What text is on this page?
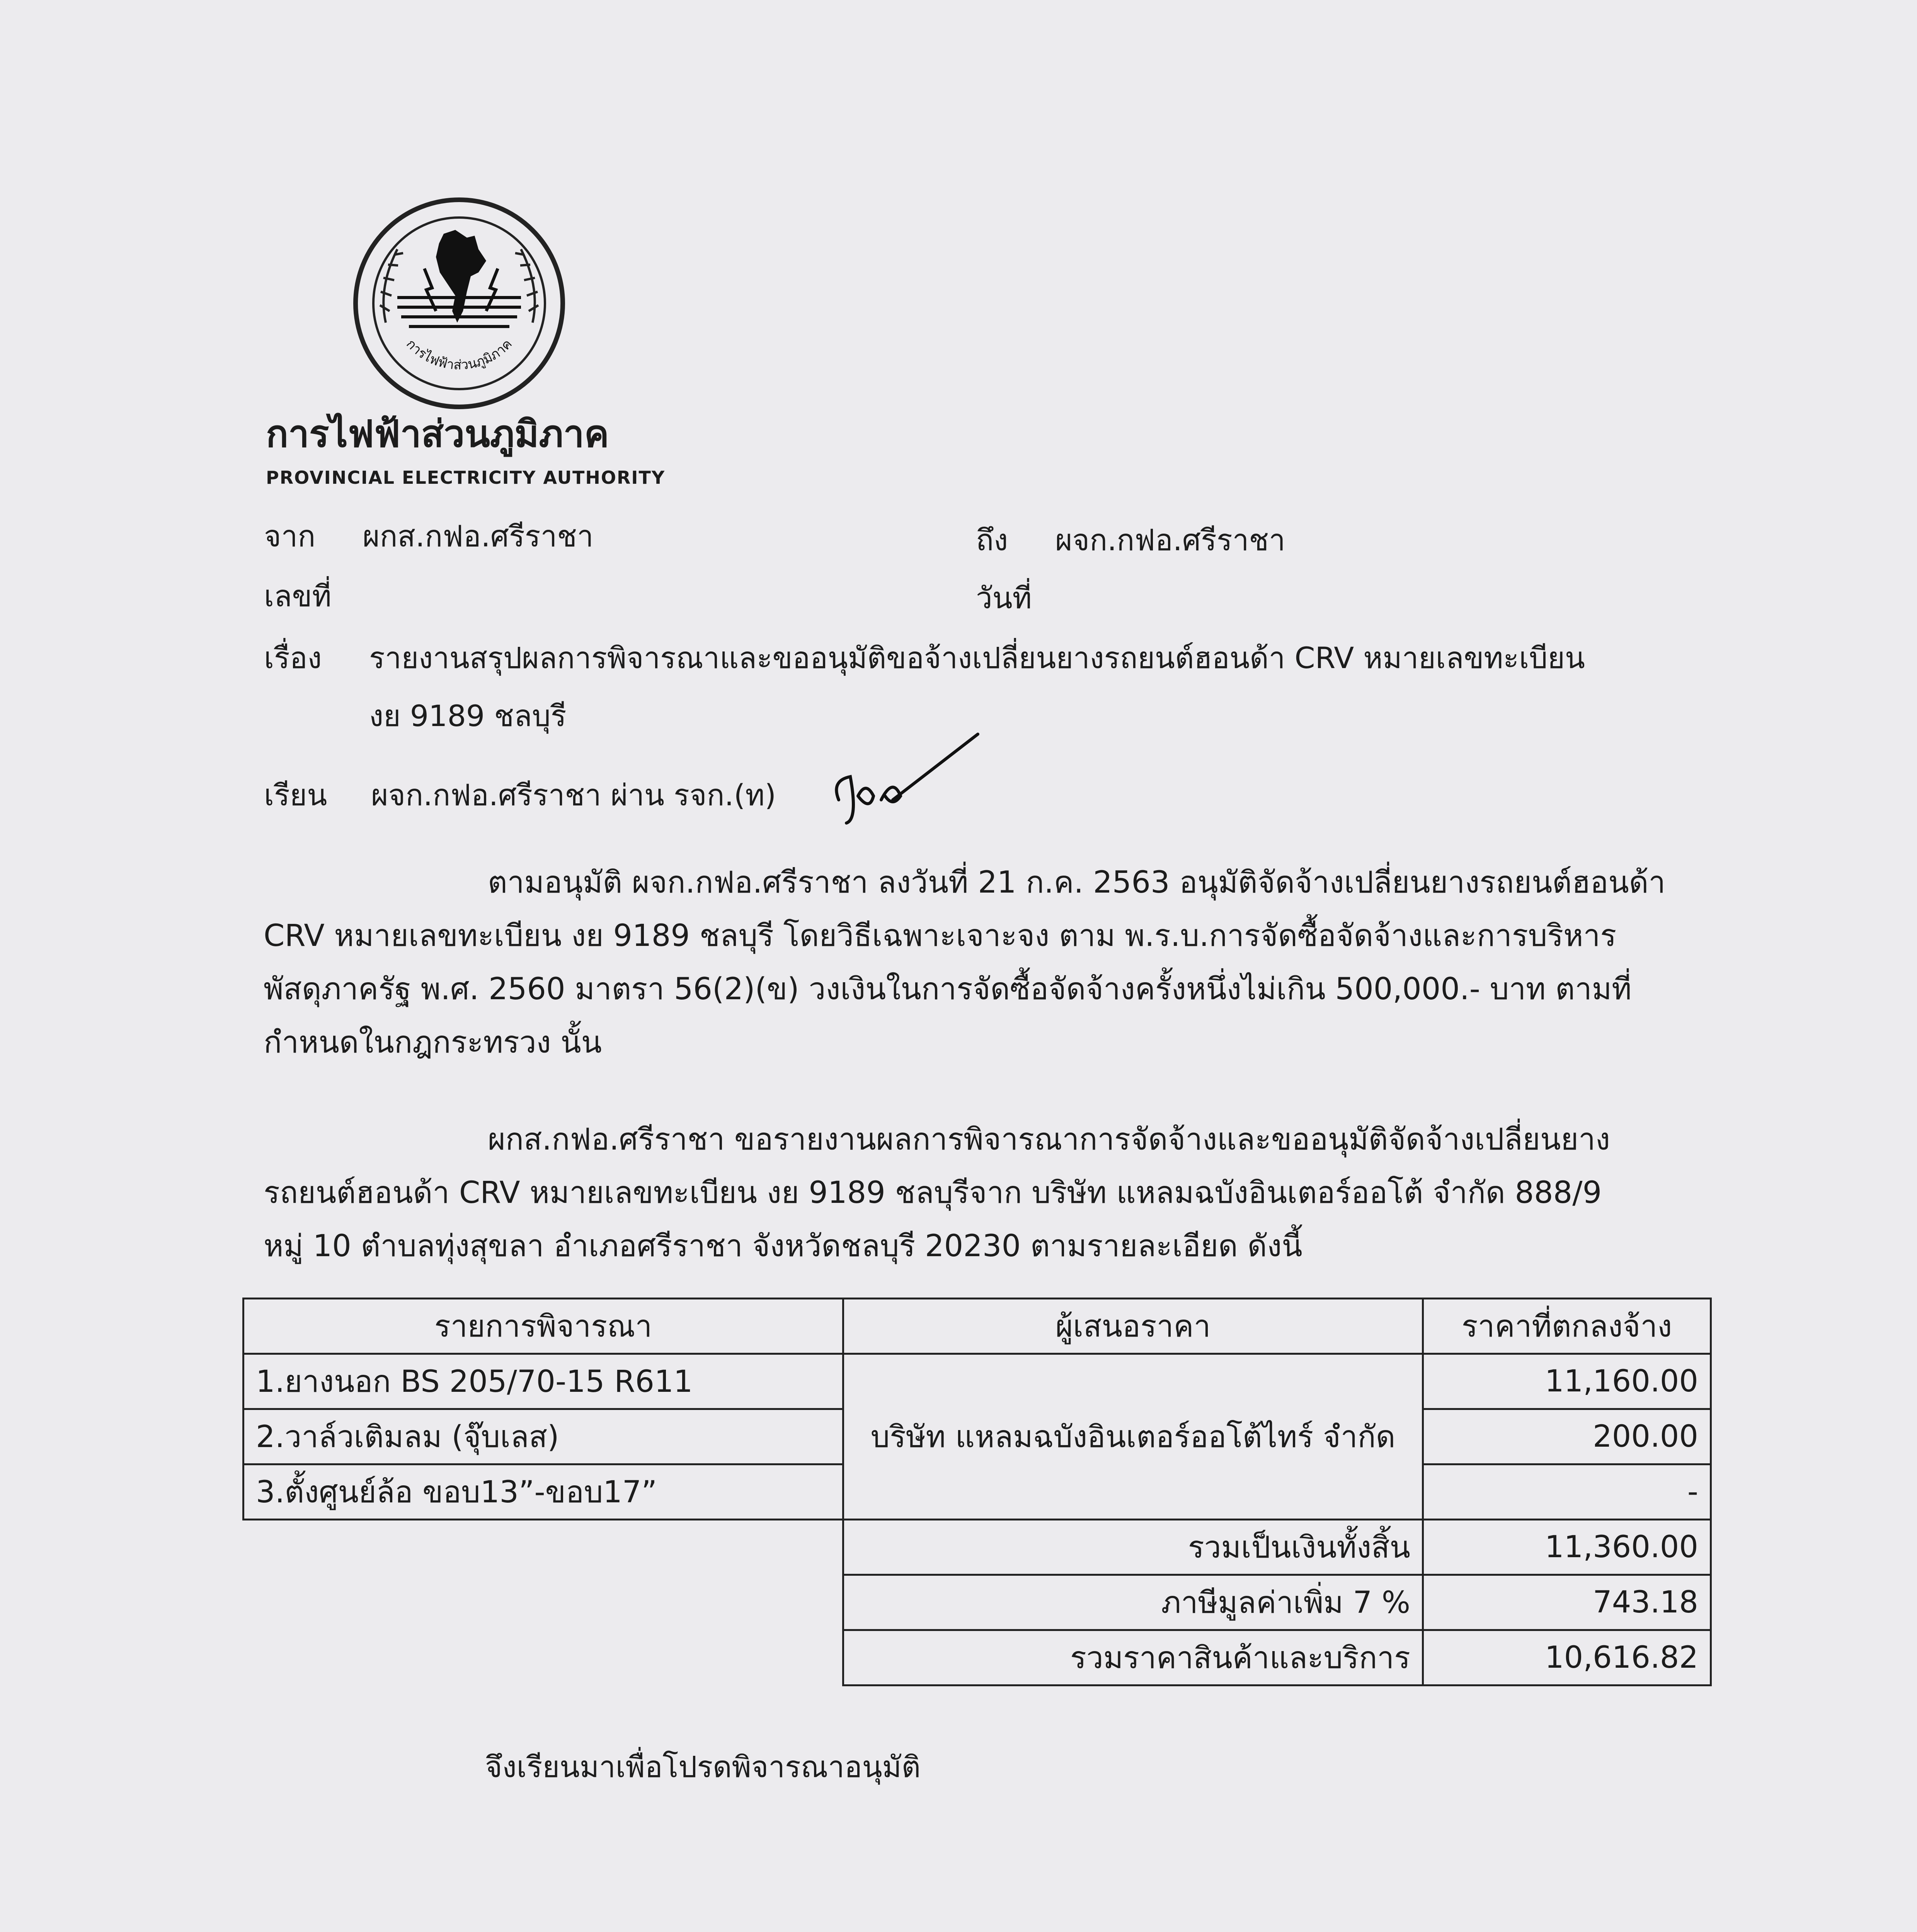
การไฟฟ้าส่วนภูมิภาค
การไฟฟ้าส่วนภูมิภาค
PROVINCIAL ELECTRICITY AUTHORITY
จาก ผกส.กฟอ.ศรีราชา	ถึง ผจก.กฟอ.ศรีราชา
เลขที่	วันที่
เรื่อง รายงานสรุปผลการพิจารณาและขออนุมัติขอจ้างเปลี่ยนยางรถยนต์ฮอนด้า CRV หมายเลขทะเบียน
งย 9189 ชลบุรี
เรียน ผจก.กฟอ.ศรีราชา ผ่าน รจก.(ท)
ตามอนุมัติ ผจก.กฟอ.ศรีราชา ลงวันที่ 21 ก.ค. 2563 อนุมัติจัดจ้างเปลี่ยนยางรถยนต์ฮอนด้า
CRV หมายเลขทะเบียน งย 9189 ชลบุรี โดยวิธีเฉพาะเจาะจง ตาม พ.ร.บ.การจัดซื้อจัดจ้างและการบริหาร
พัสดุภาครัฐ พ.ศ. 2560 มาตรา 56(2)(ข) วงเงินในการจัดซื้อจัดจ้างครั้งหนึ่งไม่เกิน 500,000.- บาท ตามที่
กำหนดในกฎกระทรวง นั้น
ผกส.กฟอ.ศรีราชา ขอรายงานผลการพิจารณาการจัดจ้างและขออนุมัติจัดจ้างเปลี่ยนยาง
รถยนต์ฮอนด้า CRV หมายเลขทะเบียน งย 9189 ชลบุรีจาก บริษัท แหลมฉบังอินเตอร์ออโต้ จำกัด 888/9
หมู่ 10 ตำบลทุ่งสุขลา อำเภอศรีราชา จังหวัดชลบุรี 20230 ตามรายละเอียด ดังนี้
รายการพิจารณา	ผู้เสนอราคา	ราคาที่ตกลงจ้าง
1.ยางนอก BS 205/70-15 R611	บริษัท แหลมฉบังอินเตอร์ออโต้ไทร์ จำกัด	11,160.00
2.วาล์วเติมลม (จุ๊บเลส)		200.00
3.ตั้งศูนย์ล้อ ขอบ13”-ขอบ17”		-
	รวมเป็นเงินทั้งสิ้น	11,360.00
	ภาษีมูลค่าเพิ่ม 7 %	743.18
	รวมราคาสินค้าและบริการ	10,616.82
จึงเรียนมาเพื่อโปรดพิจารณาอนุมัติ
